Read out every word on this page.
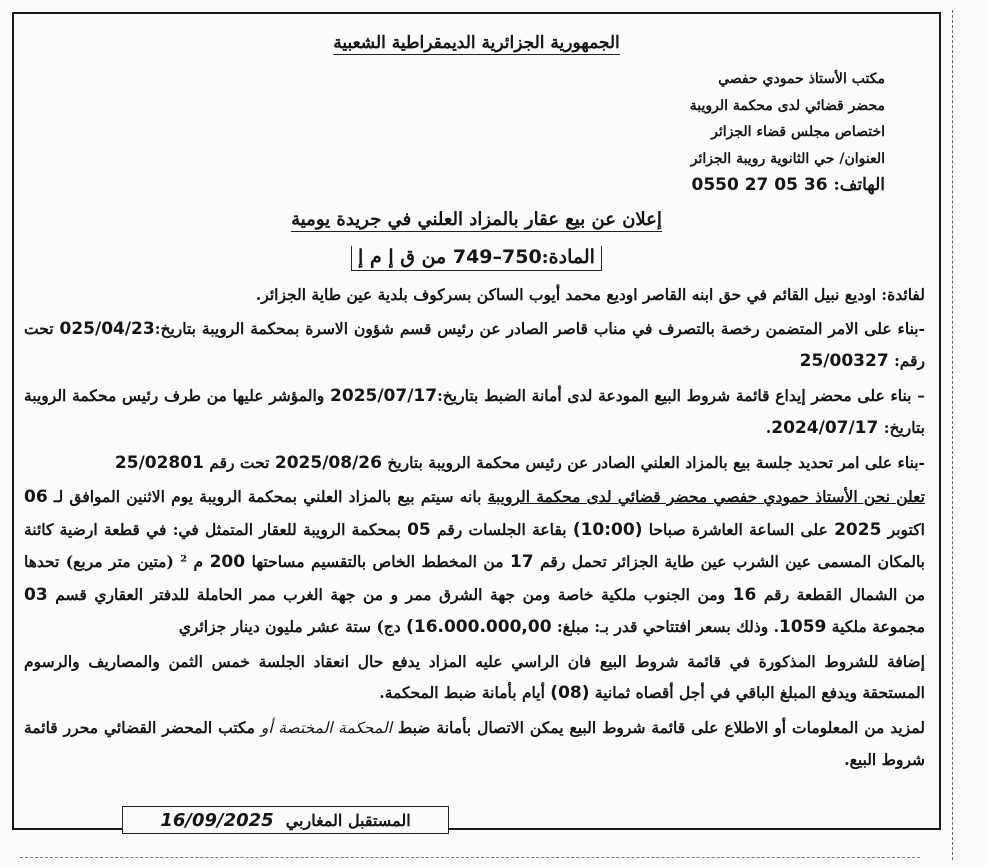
الجمهورية الجزائرية الديمقراطية الشعبية
مكتب الأستاذ حمودي حفصي
محضر قضائي لدى محكمة الرويبة
اختصاص مجلس قضاء الجزائر
العنوان/ حي الثانوية رويبة الجزائر
الهاتف: 0550 27 05 36
إعلان عن بيع عقار بالمزاد العلني في جريدة يومية
المادة:749–750 من ق إ م إ

لفائدة: اوديع نبيل القائم في حق ابنه القاصر اوديع محمد أيوب الساكن بسركوف بلدية عين طاية الجزائر.

-بناء على الامر المتضمن رخصة بالتصرف في مناب قاصر الصادر عن رئيس قسم شؤون الاسرة بمحكمة الرويبة بتاريخ:025/04/23 تحت رقم: 25/00327

– بناء على محضر إيداع قائمة شروط البيع المودعة لدى أمانة الضبط بتاريخ:2025/07/17 والمؤشر عليها من طرف رئيس محكمة الرويبة بتاريخ: 2024/07/17.

-بناء على امر تحديد جلسة بيع بالمزاد العلني الصادر عن رئيس محكمة الرويبة بتاريخ 2025/08/26 تحت رقم 25/02801

تعلن نحن الأستاذ حمودي حفصي محضر قضائي لدى محكمة الرويبة بانه سيتم بيع بالمزاد العلني بمحكمة الرويبة يوم الاثنين الموافق لـ 06 اكتوبر 2025 على الساعة العاشرة صباحا (10:00) بقاعة الجلسات رقم 05 بمحكمة الرويبة للعقار المتمثل في: في قطعة ارضية كائنة بالمكان المسمى عين الشرب عين طاية الجزائر تحمل رقم 17 من المخطط الخاص بالتقسيم مساحتها 200 م ² (متين متر مربع) تحدها من الشمال القطعة رقم 16 ومن الجنوب ملكية خاصة ومن جهة الشرق ممر و من جهة الغرب ممر الحاملة للدفتر العقاري قسم 03 مجموعة ملكية 1059. وذلك بسعر افتتاحي قدر بـ: مبلغ: (16.000.000,00 دج) ستة عشر مليون دينار جزائري

إضافة للشروط المذكورة في قائمة شروط البيع فان الراسي عليه المزاد يدفع حال انعقاد الجلسة خمس الثمن والمصاريف والرسوم المستحقة ويدفع المبلغ الباقي في أجل أقصاه ثمانية (08) أيام بأمانة ضبط المحكمة.

لمزيد من المعلومات أو الاطلاع على قائمة شروط البيع يمكن الاتصال بأمانة ضبط المحكمة المختصة أو مكتب المحضر القضائي محرر قائمة شروط البيع.

المستقبل المغاربي
16/09/2025
